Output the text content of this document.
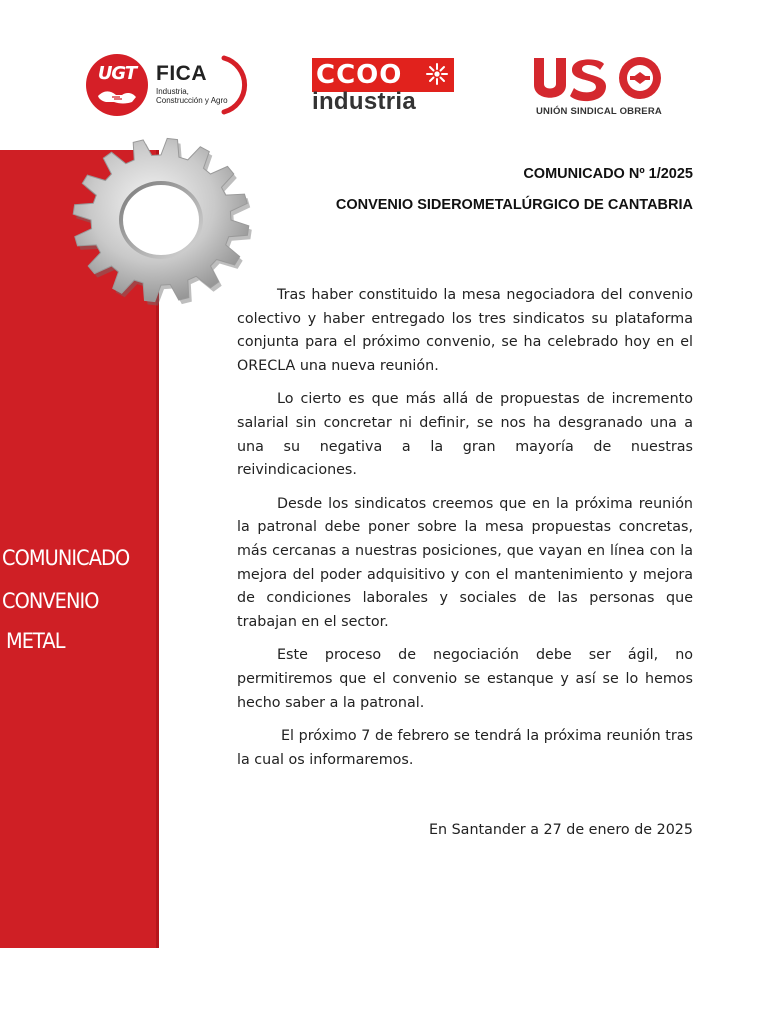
COMUNICADO
CONVENIO
METAL
UGT FICA
Industria,
Construcción y Agro
CCOO
industria	UNIÓN SINDICAL OBRERA
COMUNICADO Nº 1/2025
CONVENIO SIDEROMETALÚRGICO DE CANTABRIA

Tras haber constituido la mesa negociadora del convenio colectivo y haber entregado los tres sindicatos su plataforma conjunta para el próximo convenio, se ha celebrado hoy en el ORECLA una nueva reunión.

Lo cierto es que más allá de propuestas de incremento salarial sin concretar ni definir, se nos ha desgranado una a una su negativa a la gran mayoría de nuestras reivindicaciones.

Desde los sindicatos creemos que en la próxima reunión la patronal debe poner sobre la mesa propuestas concretas, más cercanas a nuestras posiciones, que vayan en línea con la mejora del poder adquisitivo y con el mantenimiento y mejora de condiciones laborales y sociales de las personas que trabajan en el sector.

Este proceso de negociación debe ser ágil, no permitiremos que el convenio se estanque y así se lo hemos hecho saber a la patronal.

El próximo 7 de febrero se tendrá la próxima reunión tras la cual os informaremos.

En Santander a 27 de enero de 2025
